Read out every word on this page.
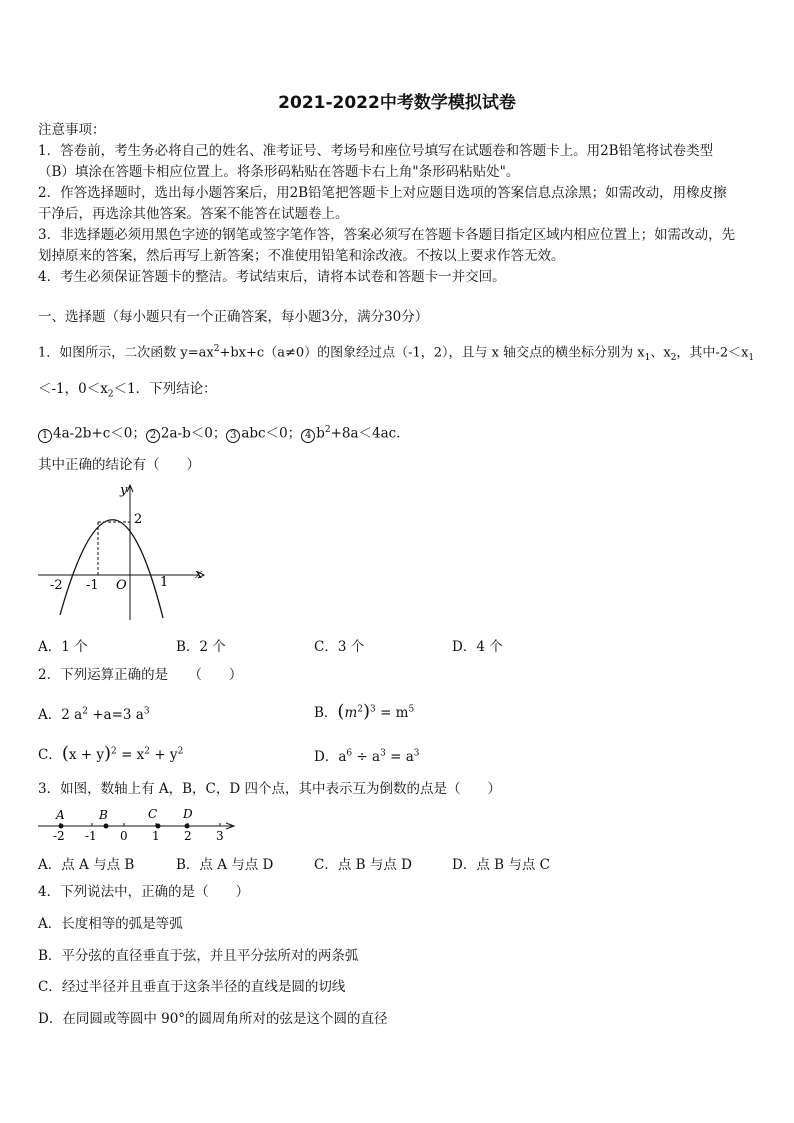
2021-2022中考数学模拟试卷
注意事项：
1．答卷前，考生务必将自己的姓名、准考证号、考场号和座位号填写在试题卷和答题卡上。用2B铅笔将试卷类型
（B）填涂在答题卡相应位置上。将条形码粘贴在答题卡右上角"条形码粘贴处"。
2．作答选择题时，选出每小题答案后，用2B铅笔把答题卡上对应题目选项的答案信息点涂黑；如需改动，用橡皮擦
干净后，再选涂其他答案。答案不能答在试题卷上。
3．非选择题必须用黑色字迹的钢笔或签字笔作答，答案必须写在答题卡各题目指定区域内相应位置上；如需改动，先
划掉原来的答案，然后再写上新答案；不准使用铅笔和涂改液。不按以上要求作答无效。
4．考生必须保证答题卡的整洁。考试结束后，请将本试卷和答题卡一并交回。
一、选择题（每小题只有一个正确答案，每小题3分，满分30分）
1．如图所示，二次函数 $y=ax^2+bx+c(a\ne 0)$的图象经过点（-1，2），且与 x 轴交点的横坐标分别为 $x_1$、$x_2$，其中$-2<x_1$
＜-1，$0<x_2<1$．下列结论：
1 4a-2b+c＜0； 2 2a-b＜0； 3 abc＜0； 4 $b^2+8a<4ac$．
其中正确的结论有（　　）
y
x
2
-2 -1 O	1
A．1 个	B．2 个	C．3 个	D．4 个
2．下列运算正确的是　　（　　）
A．2 $a^2 +a=3$ $a^3$	B．$(m^2)^3 = m^5$
C．$(x + y)^2 = x^2 + y^2$	D．$a^6 \div a^3 = a^3$
3．如图，数轴上有 A，B，C，D 四个点，其中表示互为倒数的点是（　　）
A	B	C D
-2 -1 0 1 2 3
A．点 A 与点 B	B．点 A 与点 D	C．点 B 与点 D	D．点 B 与点 C
4．下列说法中，正确的是（　　）
A．长度相等的弧是等弧
B．平分弦的直径垂直于弦，并且平分弦所对的两条弧
C．经过半径并且垂直于这条半径的直线是圆的切线
D．在同圆或等圆中 90°的圆周角所对的弦是这个圆的直径
